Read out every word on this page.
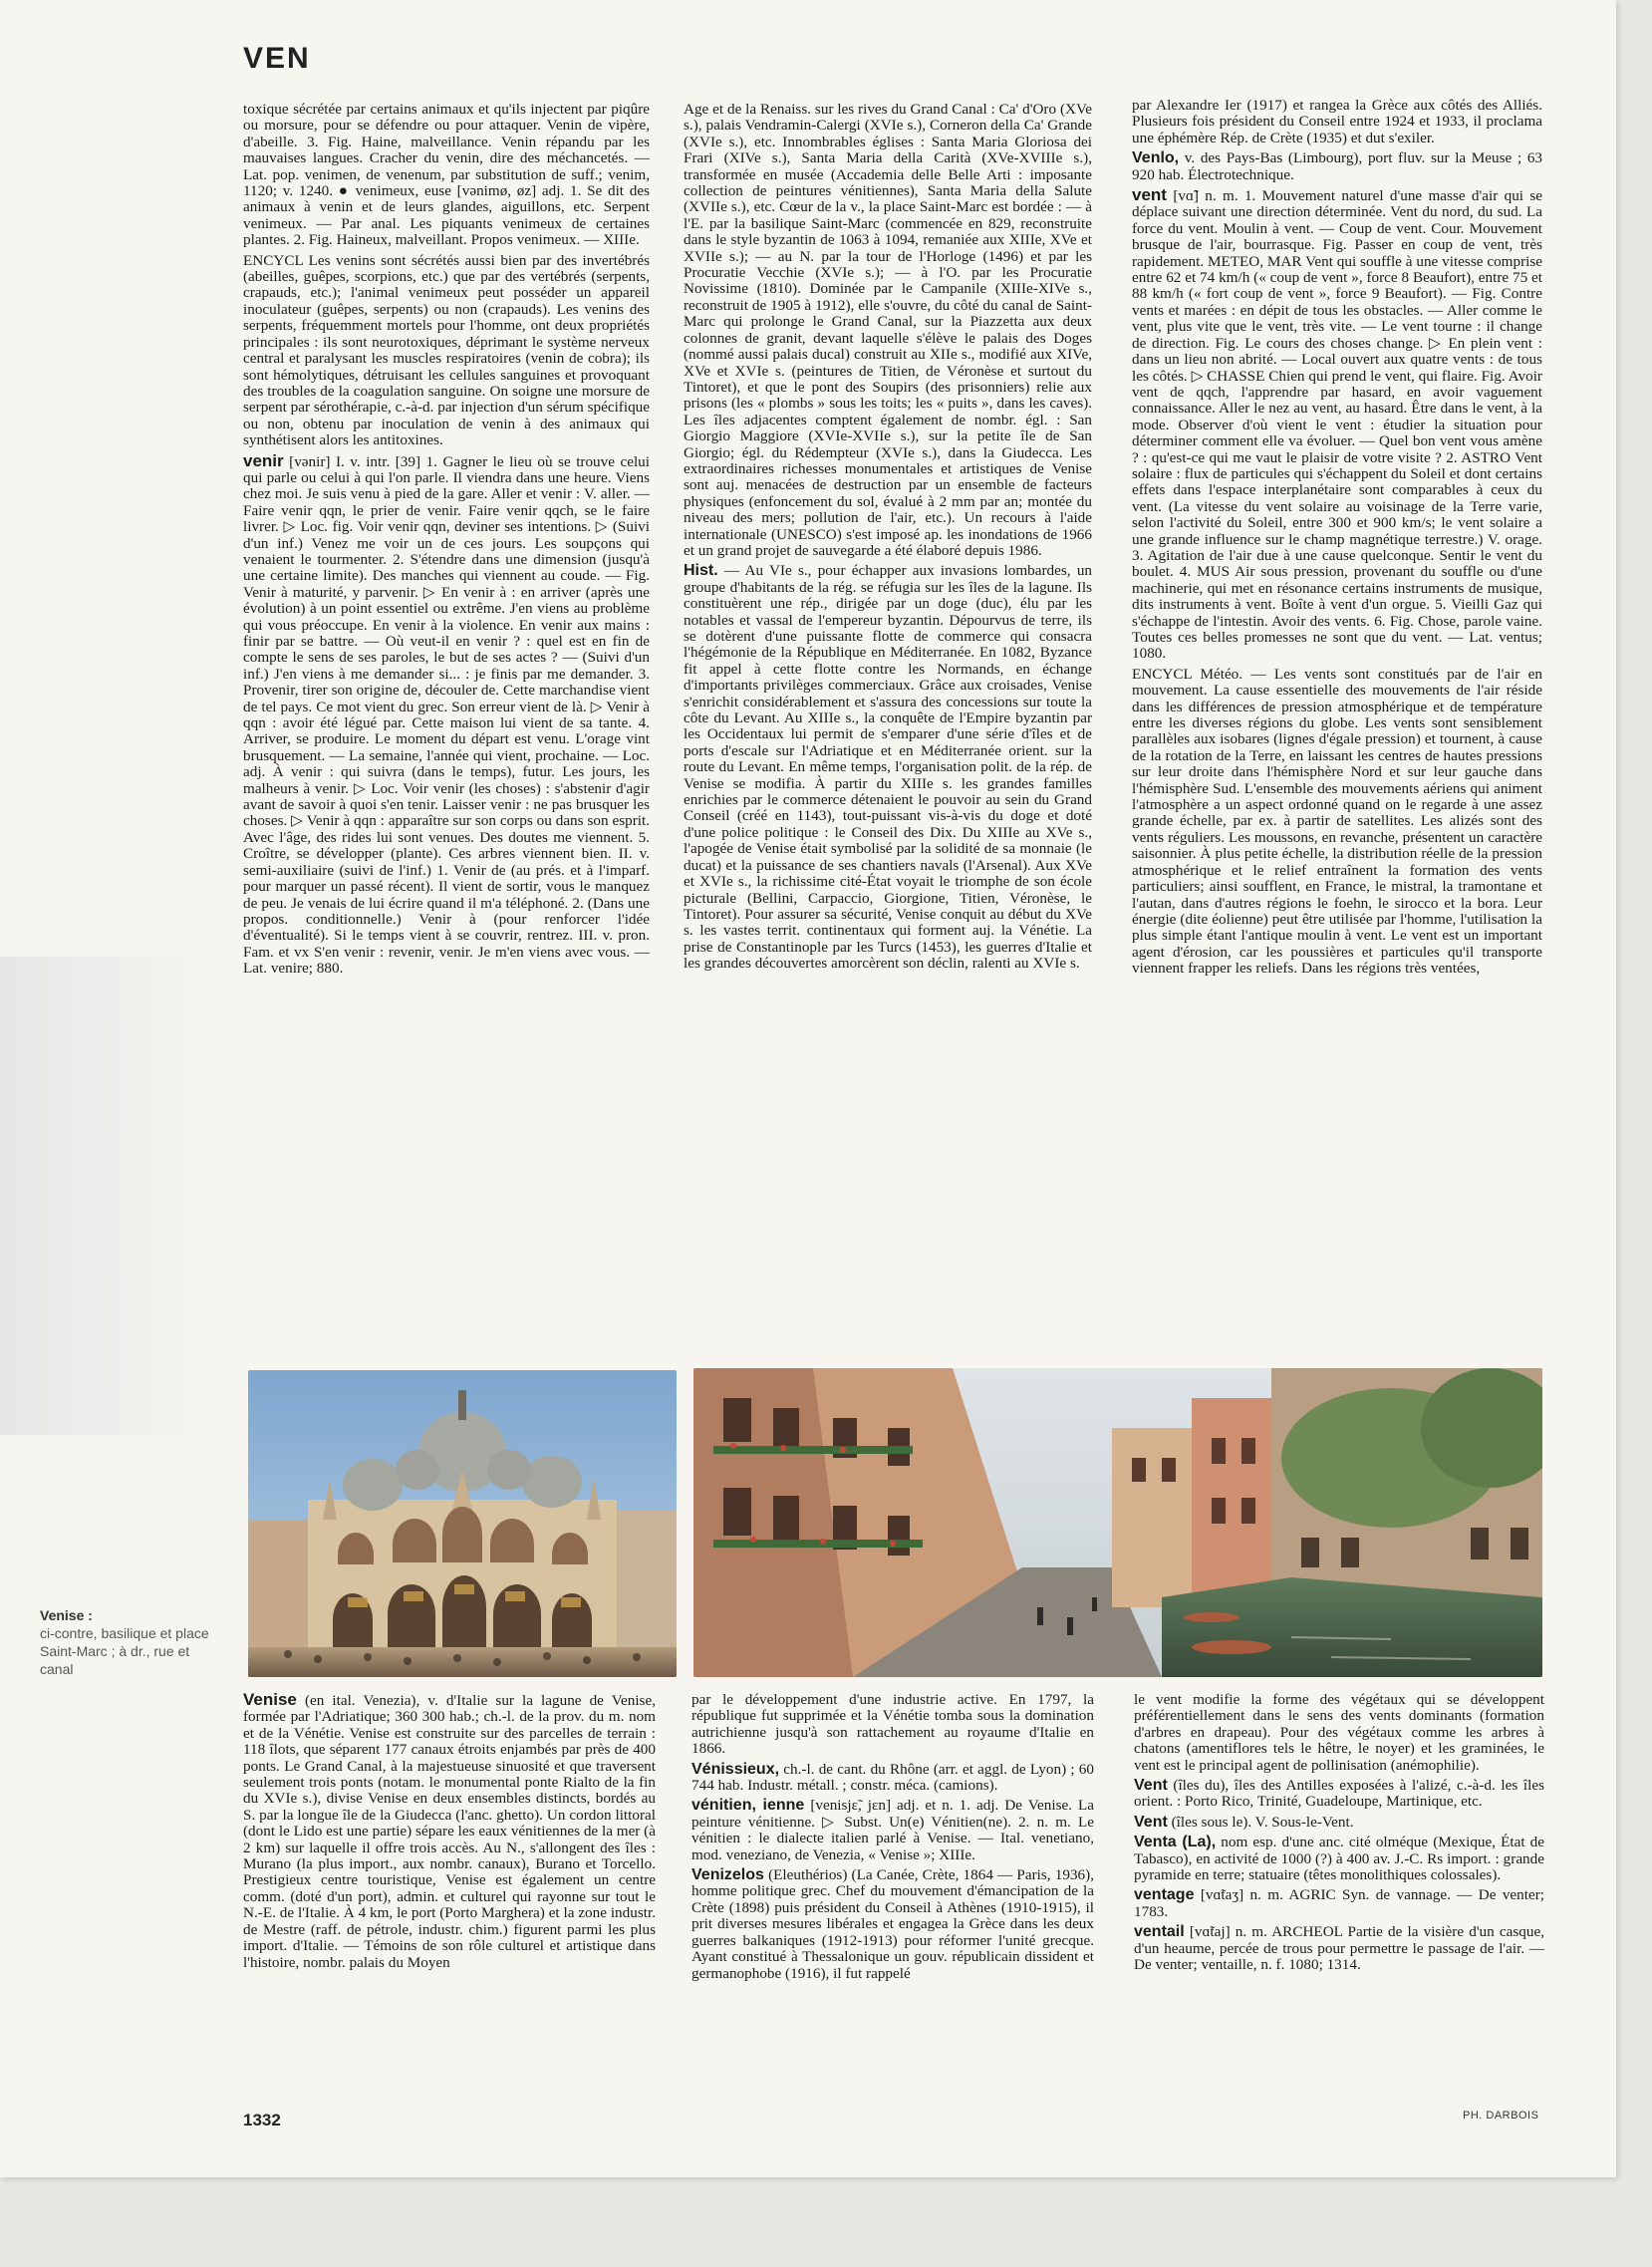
VEN

toxique sécrétée par certains animaux et qu'ils injectent par piqûre ou morsure, pour se défendre ou pour attaquer. Venin de vipère, d'abeille. 3. Fig. Haine, malveillance. Venin répandu par les mauvaises langues. Cracher du venin, dire des méchancetés. — Lat. pop. venimen, de venenum, par substitution de suff.; venim, 1120; v. 1240. ● venimeux, euse [vənimø, øz] adj. 1. Se dit des animaux à venin et de leurs glandes, aiguillons, etc. Serpent venimeux. — Par anal. Les piquants venimeux de certaines plantes. 2. Fig. Haineux, malveillant. Propos venimeux. — XIIIe.

ENCYCL Les venins sont sécrétés aussi bien par des invertébrés (abeilles, guêpes, scorpions, etc.) que par des vertébrés (serpents, crapauds, etc.); l'animal venimeux peut posséder un appareil inoculateur (guêpes, serpents) ou non (crapauds). Les venins des serpents, fréquemment mortels pour l'homme, ont deux propriétés principales : ils sont neurotoxiques, déprimant le système nerveux central et paralysant les muscles respiratoires (venin de cobra); ils sont hémolytiques, détruisant les cellules sanguines et provoquant des troubles de la coagulation sanguine. On soigne une morsure de serpent par sérothérapie, c.-à-d. par injection d'un sérum spécifique ou non, obtenu par inoculation de venin à des animaux qui synthétisent alors les antitoxines.

venir [vənir] I. v. intr. [39] 1. Gagner le lieu où se trouve celui qui parle ou celui à qui l'on parle. Il viendra dans une heure. Viens chez moi. Je suis venu à pied de la gare. Aller et venir : V. aller. — Faire venir qqn, le prier de venir. Faire venir qqch, se le faire livrer. ▷ Loc. fig. Voir venir qqn, deviner ses intentions. ▷ (Suivi d'un inf.) Venez me voir un de ces jours. Les soupçons qui venaient le tourmenter. 2. S'étendre dans une dimension (jusqu'à une certaine limite). Des manches qui viennent au coude. — Fig. Venir à maturité, y parvenir. ▷ En venir à : en arriver (après une évolution) à un point essentiel ou extrême. J'en viens au problème qui vous préoccupe. En venir à la violence. En venir aux mains : finir par se battre. — Où veut-il en venir ? : quel est en fin de compte le sens de ses paroles, le but de ses actes ? — (Suivi d'un inf.) J'en viens à me demander si... : je finis par me demander. 3. Provenir, tirer son origine de, découler de. Cette marchandise vient de tel pays. Ce mot vient du grec. Son erreur vient de là. ▷ Venir à qqn : avoir été légué par. Cette maison lui vient de sa tante. 4. Arriver, se produire. Le moment du départ est venu. L'orage vint brusquement. — La semaine, l'année qui vient, prochaine. — Loc. adj. À venir : qui suivra (dans le temps), futur. Les jours, les malheurs à venir. ▷ Loc. Voir venir (les choses) : s'abstenir d'agir avant de savoir à quoi s'en tenir. Laisser venir : ne pas brusquer les choses. ▷ Venir à qqn : apparaître sur son corps ou dans son esprit. Avec l'âge, des rides lui sont venues. Des doutes me viennent. 5. Croître, se développer (plante). Ces arbres viennent bien. II. v. semi-auxiliaire (suivi de l'inf.) 1. Venir de (au prés. et à l'imparf. pour marquer un passé récent). Il vient de sortir, vous le manquez de peu. Je venais de lui écrire quand il m'a téléphoné. 2. (Dans une propos. conditionnelle.) Venir à (pour renforcer l'idée d'éventualité). Si le temps vient à se couvrir, rentrez. III. v. pron. Fam. et vx S'en venir : revenir, venir. Je m'en viens avec vous. — Lat. venire; 880.

Age et de la Renaiss. sur les rives du Grand Canal : Ca' d'Oro (XVe s.), palais Vendramin-Calergi (XVIe s.), Corneron della Ca' Grande (XVIe s.), etc. Innombrables églises : Santa Maria Gloriosa dei Frari (XIVe s.), Santa Maria della Carità (XVe-XVIIIe s.), transformée en musée (Accademia delle Belle Arti : imposante collection de peintures vénitiennes), Santa Maria della Salute (XVIIe s.), etc. Cœur de la v., la place Saint-Marc est bordée : — à l'E. par la basilique Saint-Marc (commencée en 829, reconstruite dans le style byzantin de 1063 à 1094, remaniée aux XIIIe, XVe et XVIIe s.); — au N. par la tour de l'Horloge (1496) et par les Procuratie Vecchie (XVIe s.); — à l'O. par les Procuratie Novissime (1810). Dominée par le Campanile (XIIIe-XIVe s., reconstruit de 1905 à 1912), elle s'ouvre, du côté du canal de Saint-Marc qui prolonge le Grand Canal, sur la Piazzetta aux deux colonnes de granit, devant laquelle s'élève le palais des Doges (nommé aussi palais ducal) construit au XIIe s., modifié aux XIVe, XVe et XVIe s. (peintures de Titien, de Véronèse et surtout du Tintoret), et que le pont des Soupirs (des prisonniers) relie aux prisons (les « plombs » sous les toits; les « puits », dans les caves). Les îles adjacentes comptent également de nombr. égl. : San Giorgio Maggiore (XVIe-XVIIe s.), sur la petite île de San Giorgio; égl. du Rédempteur (XVIe s.), dans la Giudecca. Les extraordinaires richesses monumentales et artistiques de Venise sont auj. menacées de destruction par un ensemble de facteurs physiques (enfoncement du sol, évalué à 2 mm par an; montée du niveau des mers; pollution de l'air, etc.). Un recours à l'aide internationale (UNESCO) s'est imposé ap. les inondations de 1966 et un grand projet de sauvegarde a été élaboré depuis 1986.

Hist. — Au VIe s., pour échapper aux invasions lombardes, un groupe d'habitants de la rég. se réfugia sur les îles de la lagune. Ils constituèrent une rép., dirigée par un doge (duc), élu par les notables et vassal de l'empereur byzantin. Dépourvus de terre, ils se dotèrent d'une puissante flotte de commerce qui consacra l'hégémonie de la République en Méditerranée. En 1082, Byzance fit appel à cette flotte contre les Normands, en échange d'importants privilèges commerciaux. Grâce aux croisades, Venise s'enrichit considérablement et s'assura des concessions sur toute la côte du Levant. Au XIIIe s., la conquête de l'Empire byzantin par les Occidentaux lui permit de s'emparer d'une série d'îles et de ports d'escale sur l'Adriatique et en Méditerranée orient. sur la route du Levant. En même temps, l'organisation polit. de la rép. de Venise se modifia. À partir du XIIIe s. les grandes familles enrichies par le commerce détenaient le pouvoir au sein du Grand Conseil (créé en 1143), tout-puissant vis-à-vis du doge et doté d'une police politique : le Conseil des Dix. Du XIIIe au XVe s., l'apogée de Venise était symbolisé par la solidité de sa monnaie (le ducat) et la puissance de ses chantiers navals (l'Arsenal). Aux XVe et XVIe s., la richissime cité-État voyait le triomphe de son école picturale (Bellini, Carpaccio, Giorgione, Titien, Véronèse, le Tintoret). Pour assurer sa sécurité, Venise conquit au début du XVe s. les vastes territ. continentaux qui forment auj. la Vénétie. La prise de Constantinople par les Turcs (1453), les guerres d'Italie et les grandes découvertes amorcèrent son déclin, ralenti au XVIe s.

par Alexandre Ier (1917) et rangea la Grèce aux côtés des Alliés. Plusieurs fois président du Conseil entre 1924 et 1933, il proclama une éphémère Rép. de Crète (1935) et dut s'exiler.

Venlo, v. des Pays-Bas (Limbourg), port fluv. sur la Meuse ; 63 920 hab. Électrotechnique.

vent [vɑ̃] n. m. 1. Mouvement naturel d'une masse d'air qui se déplace suivant une direction déterminée. Vent du nord, du sud. La force du vent. Moulin à vent. — Coup de vent. Cour. Mouvement brusque de l'air, bourrasque. Fig. Passer en coup de vent, très rapidement. METEO, MAR Vent qui souffle à une vitesse comprise entre 62 et 74 km/h (« coup de vent », force 8 Beaufort), entre 75 et 88 km/h (« fort coup de vent », force 9 Beaufort). — Fig. Contre vents et marées : en dépit de tous les obstacles. — Aller comme le vent, plus vite que le vent, très vite. — Le vent tourne : il change de direction. Fig. Le cours des choses change. ▷ En plein vent : dans un lieu non abrité. — Local ouvert aux quatre vents : de tous les côtés. ▷ CHASSE Chien qui prend le vent, qui flaire. Fig. Avoir vent de qqch, l'apprendre par hasard, en avoir vaguement connaissance. Aller le nez au vent, au hasard. Être dans le vent, à la mode. Observer d'où vient le vent : étudier la situation pour déterminer comment elle va évoluer. — Quel bon vent vous amène ? : qu'est-ce qui me vaut le plaisir de votre visite ? 2. ASTRO Vent solaire : flux de particules qui s'échappent du Soleil et dont certains effets dans l'espace interplanétaire sont comparables à ceux du vent. (La vitesse du vent solaire au voisinage de la Terre varie, selon l'activité du Soleil, entre 300 et 900 km/s; le vent solaire a une grande influence sur le champ magnétique terrestre.) V. orage. 3. Agitation de l'air due à une cause quelconque. Sentir le vent du boulet. 4. MUS Air sous pression, provenant du souffle ou d'une machinerie, qui met en résonance certains instruments de musique, dits instruments à vent. Boîte à vent d'un orgue. 5. Vieilli Gaz qui s'échappe de l'intestin. Avoir des vents. 6. Fig. Chose, parole vaine. Toutes ces belles promesses ne sont que du vent. — Lat. ventus; 1080.

ENCYCL Météo. — Les vents sont constitués par de l'air en mouvement. La cause essentielle des mouvements de l'air réside dans les différences de pression atmosphérique et de température entre les diverses régions du globe. Les vents sont sensiblement parallèles aux isobares (lignes d'égale pression) et tournent, à cause de la rotation de la Terre, en laissant les centres de hautes pressions sur leur droite dans l'hémisphère Nord et sur leur gauche dans l'hémisphère Sud. L'ensemble des mouvements aériens qui animent l'atmosphère a un aspect ordonné quand on le regarde à une assez grande échelle, par ex. à partir de satellites. Les alizés sont des vents réguliers. Les moussons, en revanche, présentent un caractère saisonnier. À plus petite échelle, la distribution réelle de la pression atmosphérique et le relief entraînent la formation des vents particuliers; ainsi soufflent, en France, le mistral, la tramontane et l'autan, dans d'autres régions le foehn, le sirocco et la bora. Leur énergie (dite éolienne) peut être utilisée par l'homme, l'utilisation la plus simple étant l'antique moulin à vent. Le vent est un important agent d'érosion, car les poussières et particules qu'il transporte viennent frapper les reliefs. Dans les régions très ventées,

Venise :
ci-contre, basilique et place Saint-Marc ; à dr., rue et canal

Venise (en ital. Venezia), v. d'Italie sur la lagune de Venise, formée par l'Adriatique; 360 300 hab.; ch.-l. de la prov. du m. nom et de la Vénétie. Venise est construite sur des parcelles de terrain : 118 îlots, que séparent 177 canaux étroits enjambés par près de 400 ponts. Le Grand Canal, à la majestueuse sinuosité et que traversent seulement trois ponts (notam. le monumental ponte Rialto de la fin du XVIe s.), divise Venise en deux ensembles distincts, bordés au S. par la longue île de la Giudecca (l'anc. ghetto). Un cordon littoral (dont le Lido est une partie) sépare les eaux vénitiennes de la mer (à 2 km) sur laquelle il offre trois accès. Au N., s'allongent des îles : Murano (la plus import., aux nombr. canaux), Burano et Torcello. Prestigieux centre touristique, Venise est également un centre comm. (doté d'un port), admin. et culturel qui rayonne sur tout le N.-E. de l'Italie. À 4 km, le port (Porto Marghera) et la zone industr. de Mestre (raff. de pétrole, industr. chim.) figurent parmi les plus import. d'Italie. — Témoins de son rôle culturel et artistique dans l'histoire, nombr. palais du Moyen

par le développement d'une industrie active. En 1797, la république fut supprimée et la Vénétie tomba sous la domination autrichienne jusqu'à son rattachement au royaume d'Italie en 1866.

Vénissieux, ch.-l. de cant. du Rhône (arr. et aggl. de Lyon) ; 60 744 hab. Industr. métall. ; constr. méca. (camions).

vénitien, ienne [venisjɛ̃, jɛn] adj. et n. 1. adj. De Venise. La peinture vénitienne. ▷ Subst. Un(e) Vénitien(ne). 2. n. m. Le vénitien : le dialecte italien parlé à Venise. — Ital. venetiano, mod. veneziano, de Venezia, « Venise »; XIIIe.

Venizelos (Eleuthérios) (La Canée, Crète, 1864 — Paris, 1936), homme politique grec. Chef du mouvement d'émancipation de la Crète (1898) puis président du Conseil à Athènes (1910-1915), il prit diverses mesures libérales et engagea la Grèce dans les deux guerres balkaniques (1912-1913) pour réformer l'unité grecque. Ayant constitué à Thessalonique un gouv. républicain dissident et germanophobe (1916), il fut rappelé

le vent modifie la forme des végétaux qui se développent préférentiellement dans le sens des vents dominants (formation d'arbres en drapeau). Pour des végétaux comme les arbres à chatons (amentiflores tels le hêtre, le noyer) et les graminées, le vent est le principal agent de pollinisation (anémophilie).

Vent (îles du), îles des Antilles exposées à l'alizé, c.-à-d. les îles orient. : Porto Rico, Trinité, Guadeloupe, Martinique, etc.

Vent (îles sous le). V. Sous-le-Vent.

Venta (La), nom esp. d'une anc. cité olméque (Mexique, État de Tabasco), en activité de 1000 (?) à 400 av. J.-C. Rs import. : grande pyramide en terre; statuaire (têtes monolithiques colossales).

ventage [vɑ̃taʒ] n. m. AGRIC Syn. de vannage. — De venter; 1783.

ventail [vɑ̃taj] n. m. ARCHEOL Partie de la visière d'un casque, d'un heaume, percée de trous pour permettre le passage de l'air. — De venter; ventaille, n. f. 1080; 1314.

1332	PH. DARBOIS
